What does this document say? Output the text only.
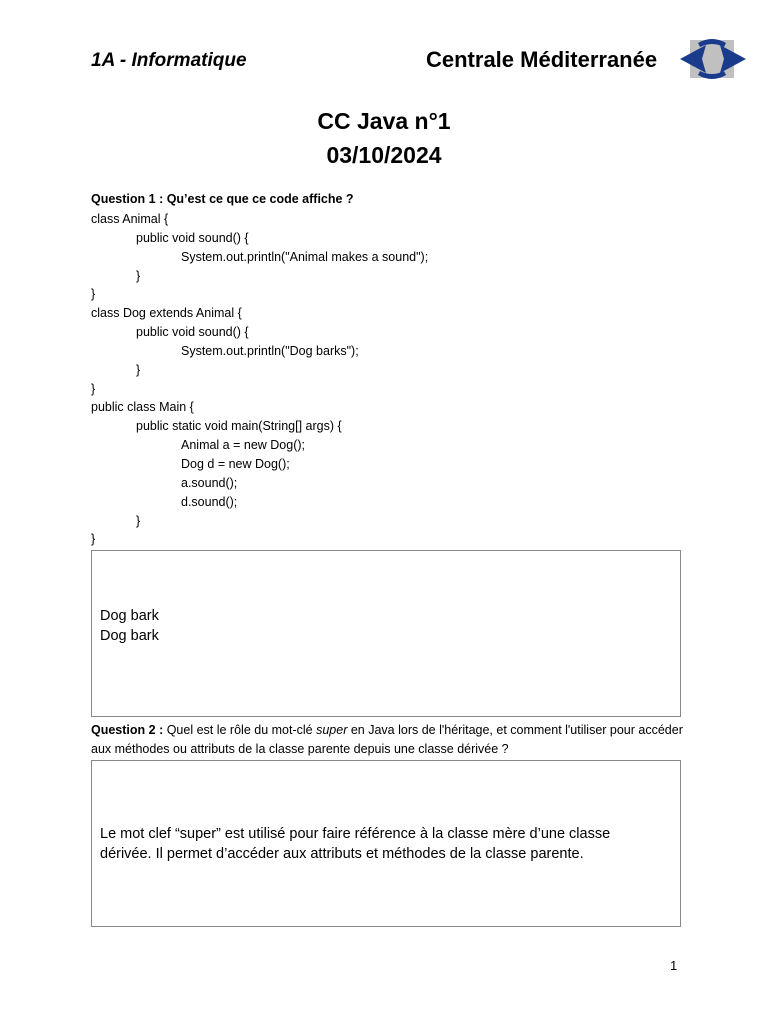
1A - Informatique	Centrale Méditerranée
CC Java n°1
03/10/2024
Question 1 : Qu’est ce que ce code affiche ?
class Animal {
public void sound() {
System.out.println("Animal makes a sound");
}
}
class Dog extends Animal {
public void sound() {
System.out.println("Dog barks");
}
}
public class Main {
public static void main(String[] args) {
Animal a = new Dog();
Dog d = new Dog();
a.sound();
d.sound();
}
}
Dog bark
Dog bark
Question 2 : Quel est le rôle du mot-clé super en Java lors de l'héritage, et comment l'utiliser pour accéder aux méthodes ou attributs de la classe parente depuis une classe dérivée ?
Le mot clef “super” est utilisé pour faire référence à la classe mère d’une classe dérivée. Il permet d’accéder aux attributs et méthodes de la classe parente.
1
